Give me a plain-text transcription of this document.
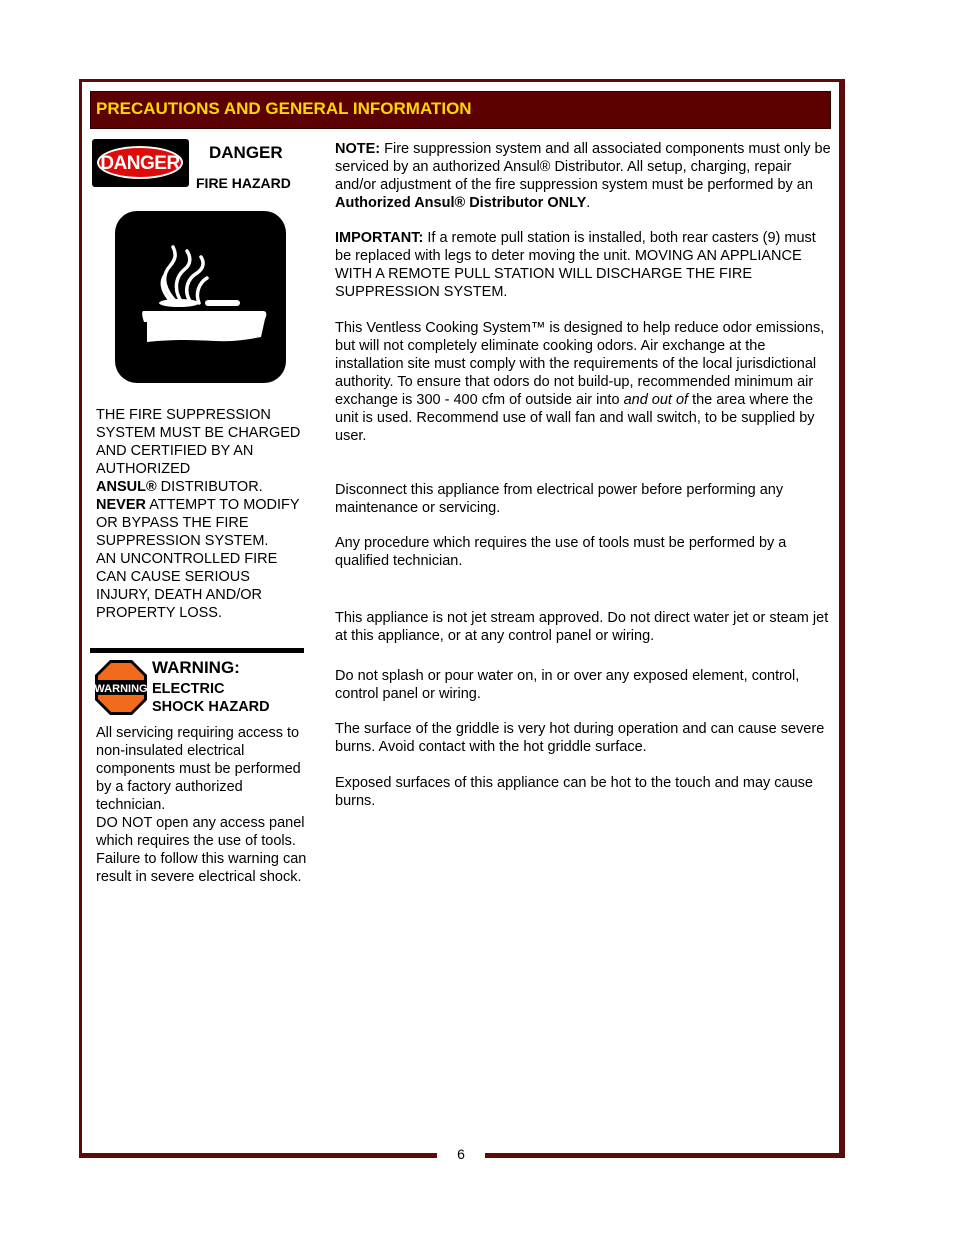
6
PRECAUTIONS AND GENERAL INFORMATION
DANGER
DANGER
FIRE HAZARD
THE FIRE SUPPRESSION SYSTEM MUST BE CHARGED AND CERTIFIED BY AN AUTHORIZED
ANSUL® DISTRIBUTOR.
NEVER ATTEMPT TO MODIFY OR BYPASS THE FIRE SUPPRESSION SYSTEM.
AN UNCONTROLLED FIRE CAN CAUSE SERIOUS INJURY, DEATH AND/OR PROPERTY LOSS.
WARNING
WARNING:
ELECTRIC
SHOCK HAZARD
All servicing requiring access to non-insulated electrical components must be performed by a factory authorized technician.
DO NOT open any access panel which requires the use of tools. Failure to follow this warning can result in severe electrical shock.

NOTE: Fire suppression system and all associated components must only be serviced by an authorized Ansul® Distributor. All setup, charging, repair and/or adjustment of the fire suppression system must be performed by an Authorized Ansul® Distributor ONLY.

IMPORTANT: If a remote pull station is installed, both rear casters (9) must be replaced with legs to deter moving the unit. MOVING AN APPLIANCE WITH A REMOTE PULL STATION WILL DISCHARGE THE FIRE SUPPRESSION SYSTEM.

This Ventless Cooking System™ is designed to help reduce odor emissions, but will not completely eliminate cooking odors. Air exchange at the installation site must comply with the requirements of the local jurisdictional authority. To ensure that odors do not build-up, recommended minimum air exchange is 300 - 400 cfm of outside air into and out of the area where the unit is used. Recommend use of wall fan and wall switch, to be supplied by user.

Disconnect this appliance from electrical power before performing any maintenance or servicing.

Any procedure which requires the use of tools must be performed by a qualified technician.

This appliance is not jet stream approved. Do not direct water jet or steam jet at this appliance, or at any control panel or wiring.

Do not splash or pour water on, in or over any exposed element, control, control panel or wiring.

The surface of the griddle is very hot during operation and can cause severe burns. Avoid contact with the hot griddle surface.

Exposed surfaces of this appliance can be hot to the touch and may cause burns.
